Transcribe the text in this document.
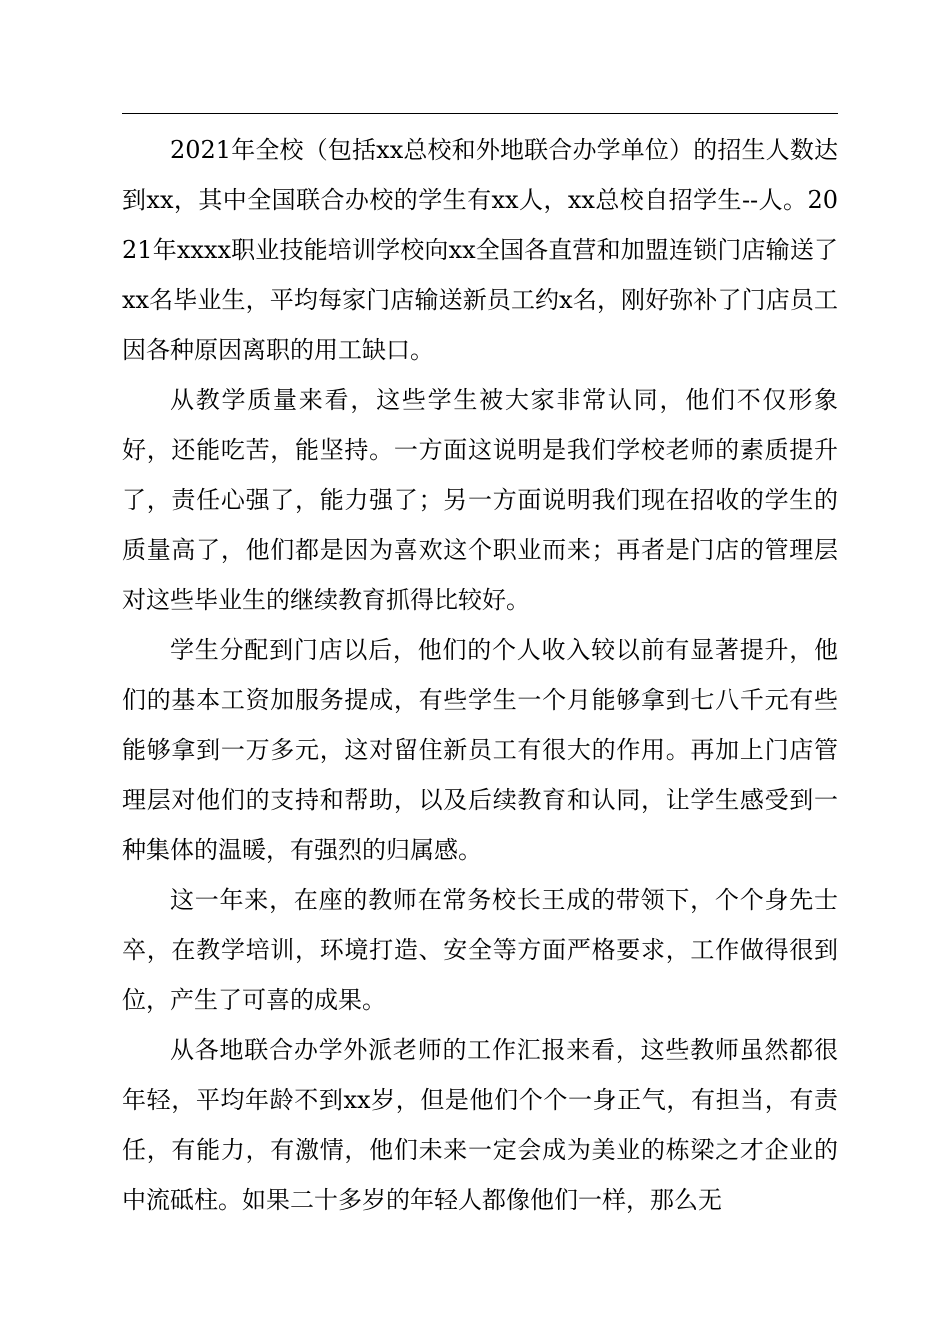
2021年全校（包括xx总校和外地联合办学单位）的招生人数达到xx，其中全国联合办校的学生有xx人，xx总校自招学生--人。2021年xxxx职业技能培训学校向xx全国各直营和加盟连锁门店输送了xx名毕业生，平均每家门店输送新员工约x名，刚好弥补了门店员工因各种原因离职的用工缺口。

从教学质量来看，这些学生被大家非常认同，他们不仅形象好，还能吃苦，能坚持。一方面这说明是我们学校老师的素质提升了，责任心强了，能力强了；另一方面说明我们现在招收的学生的质量高了，他们都是因为喜欢这个职业而来；再者是门店的管理层对这些毕业生的继续教育抓得比较好。

学生分配到门店以后，他们的个人收入较以前有显著提升，他们的基本工资加服务提成，有些学生一个月能够拿到七八千元有些能够拿到一万多元，这对留住新员工有很大的作用。再加上门店管理层对他们的支持和帮助，以及后续教育和认同，让学生感受到一种集体的温暖，有强烈的归属感。

这一年来，在座的教师在常务校长王成的带领下，个个身先士卒，在教学培训，环境打造、安全等方面严格要求，工作做得很到位，产生了可喜的成果。

从各地联合办学外派老师的工作汇报来看，这些教师虽然都很年轻，平均年龄不到xx岁，但是他们个个一身正气，有担当，有责任，有能力，有激情，他们未来一定会成为美业的栋梁之才企业的中流砥柱。如果二十多岁的年轻人都像他们一样，那么无
